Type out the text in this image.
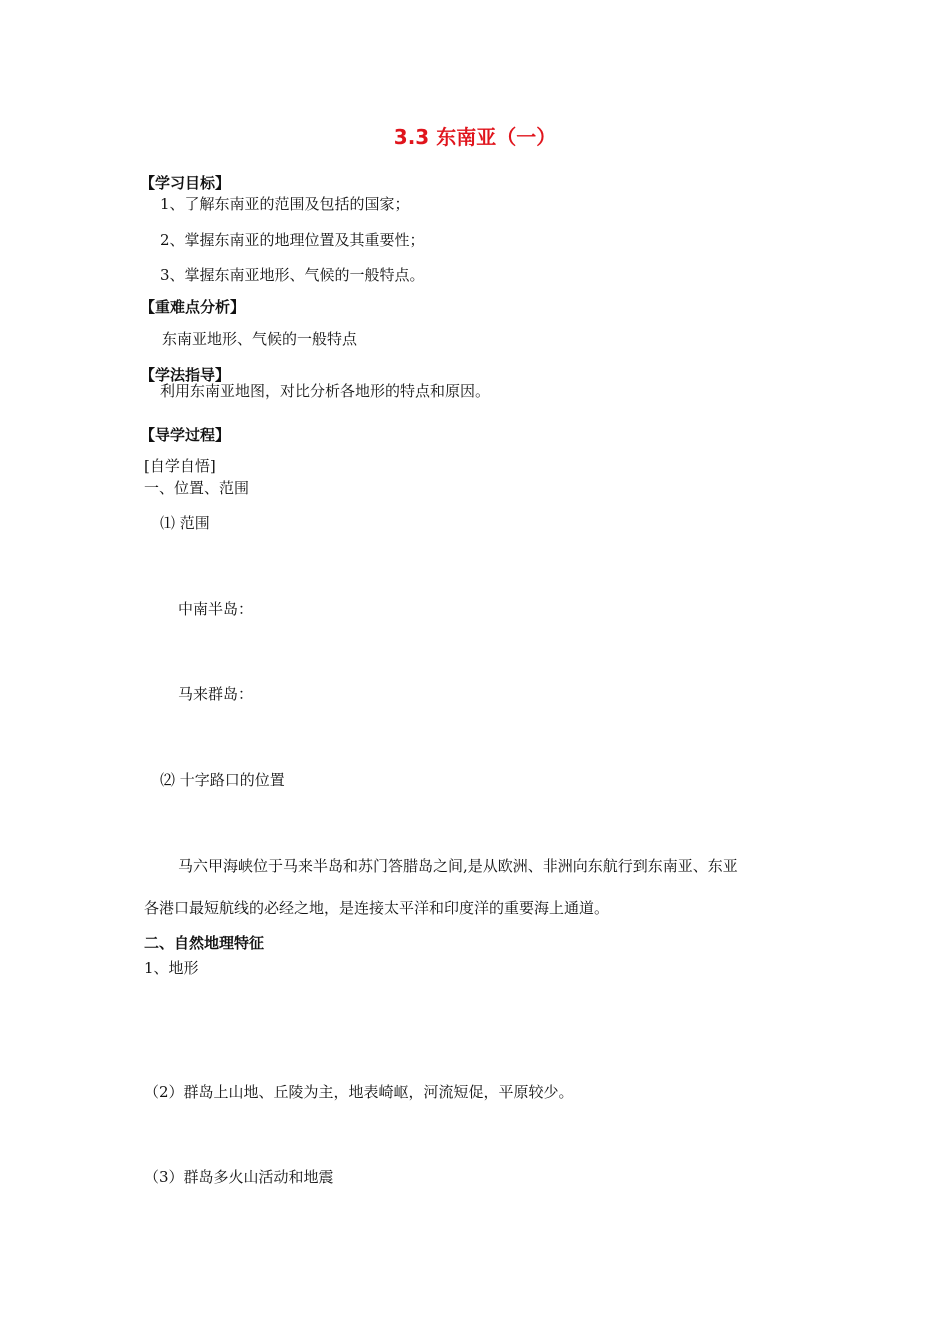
3.3 东南亚（一）
【学习目标】
1、了解东南亚的范围及包括的国家；
2、掌握东南亚的地理位置及其重要性；
3、掌握东南亚地形、气候的一般特点。
【重难点分析】
东南亚地形、气候的一般特点
【学法指导】
利用东南亚地图，对比分析各地形的特点和原因。
【导学过程】
[自学自悟]
一、位置、范围
⑴ 范围
中南半岛：
马来群岛：
⑵ 十字路口的位置
马六甲海峡位于马来半岛和苏门答腊岛之间,是从欧洲、非洲向东航行到东南亚、东亚
各港口最短航线的必经之地，是连接太平洋和印度洋的重要海上通道。
二、自然地理特征
1、地形
（2）群岛上山地、丘陵为主，地表崎岖，河流短促，平原较少。
（3）群岛多火山活动和地震
